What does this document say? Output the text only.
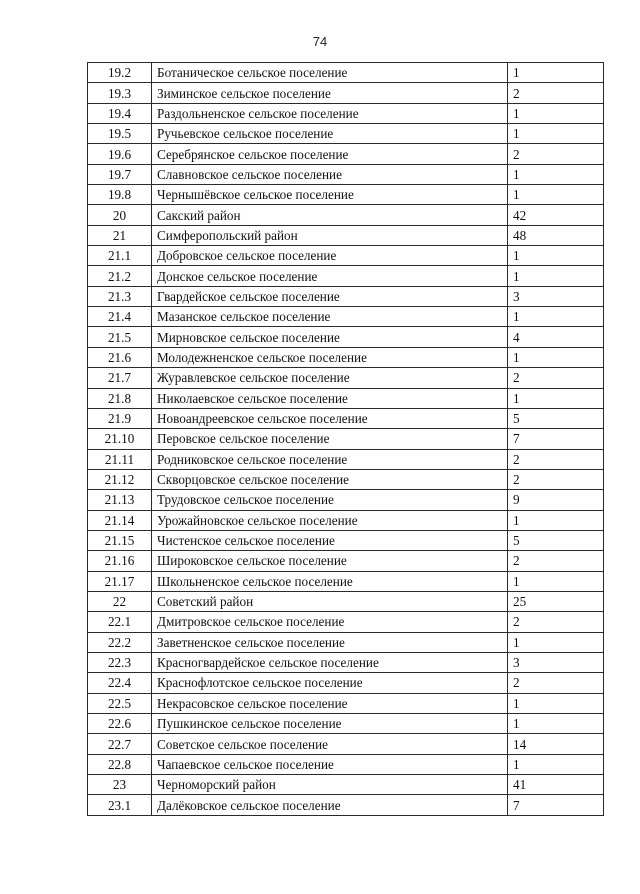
74
19.2	Ботаническое сельское поселение	1
19.3	Зиминское сельское поселение	2
19.4	Раздольненское сельское поселение	1
19.5	Ручьевское сельское поселение	1
19.6	Серебрянское сельское поселение	2
19.7	Славновское сельское поселение	1
19.8	Чернышёвское сельское поселение	1
20	Сакский район	42
21	Симферопольский район	48
21.1	Добровское сельское поселение	1
21.2	Донское сельское поселение	1
21.3	Гвардейское сельское поселение	3
21.4	Мазанское сельское поселение	1
21.5	Мирновское сельское поселение	4
21.6	Молодежненское сельское поселение	1
21.7	Журавлевское сельское поселение	2
21.8	Николаевское сельское поселение	1
21.9	Новоандреевское сельское поселение	5
21.10	Перовское сельское поселение	7
21.11	Родниковское сельское поселение	2
21.12	Скворцовское сельское поселение	2
21.13	Трудовское сельское поселение	9
21.14	Урожайновское сельское поселение	1
21.15	Чистенское сельское поселение	5
21.16	Широковское сельское поселение	2
21.17	Школьненское сельское поселение	1
22	Советский район	25
22.1	Дмитровское сельское поселение	2
22.2	Заветненское сельское поселение	1
22.3	Красногвардейское сельское поселение	3
22.4	Краснофлотское сельское поселение	2
22.5	Некрасовское сельское поселение	1
22.6	Пушкинское сельское поселение	1
22.7	Советское сельское поселение	14
22.8	Чапаевское сельское поселение	1
23	Черноморский район	41
23.1	Далёковское сельское поселение	7
